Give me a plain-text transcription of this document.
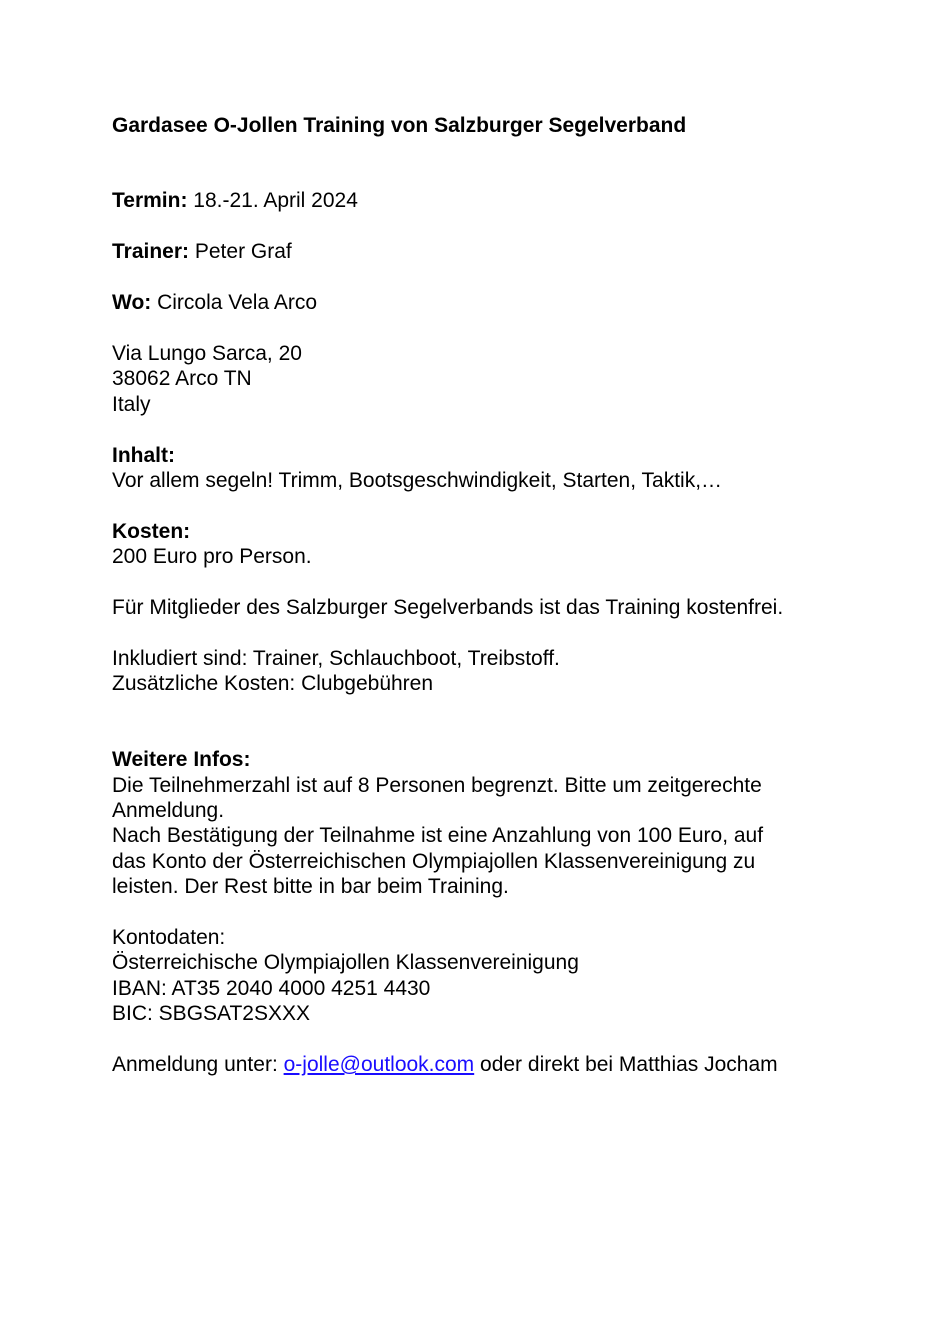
Gardasee O-Jollen Training von Salzburger Segelverband
Termin: 18.-21. April 2024
Trainer: Peter Graf
Wo: Circola Vela Arco
Via Lungo Sarca, 20
38062 Arco TN
Italy
Inhalt:
Vor allem segeln! Trimm, Bootsgeschwindigkeit, Starten, Taktik,…
Kosten:
200 Euro pro Person.
Für Mitglieder des Salzburger Segelverbands ist das Training kostenfrei.
Inkludiert sind: Trainer, Schlauchboot, Treibstoff.
Zusätzliche Kosten: Clubgebühren
Weitere Infos:
Die Teilnehmerzahl ist auf 8 Personen begrenzt. Bitte um zeitgerechte
Anmeldung.
Nach Bestätigung der Teilnahme ist eine Anzahlung von 100 Euro, auf
das Konto der Österreichischen Olympiajollen Klassenvereinigung zu
leisten. Der Rest bitte in bar beim Training.
Kontodaten:
Österreichische Olympiajollen Klassenvereinigung
IBAN: AT35 2040 4000 4251 4430
BIC: SBGSAT2SXXX
Anmeldung unter: o-jolle@outlook.com oder direkt bei Matthias Jocham
